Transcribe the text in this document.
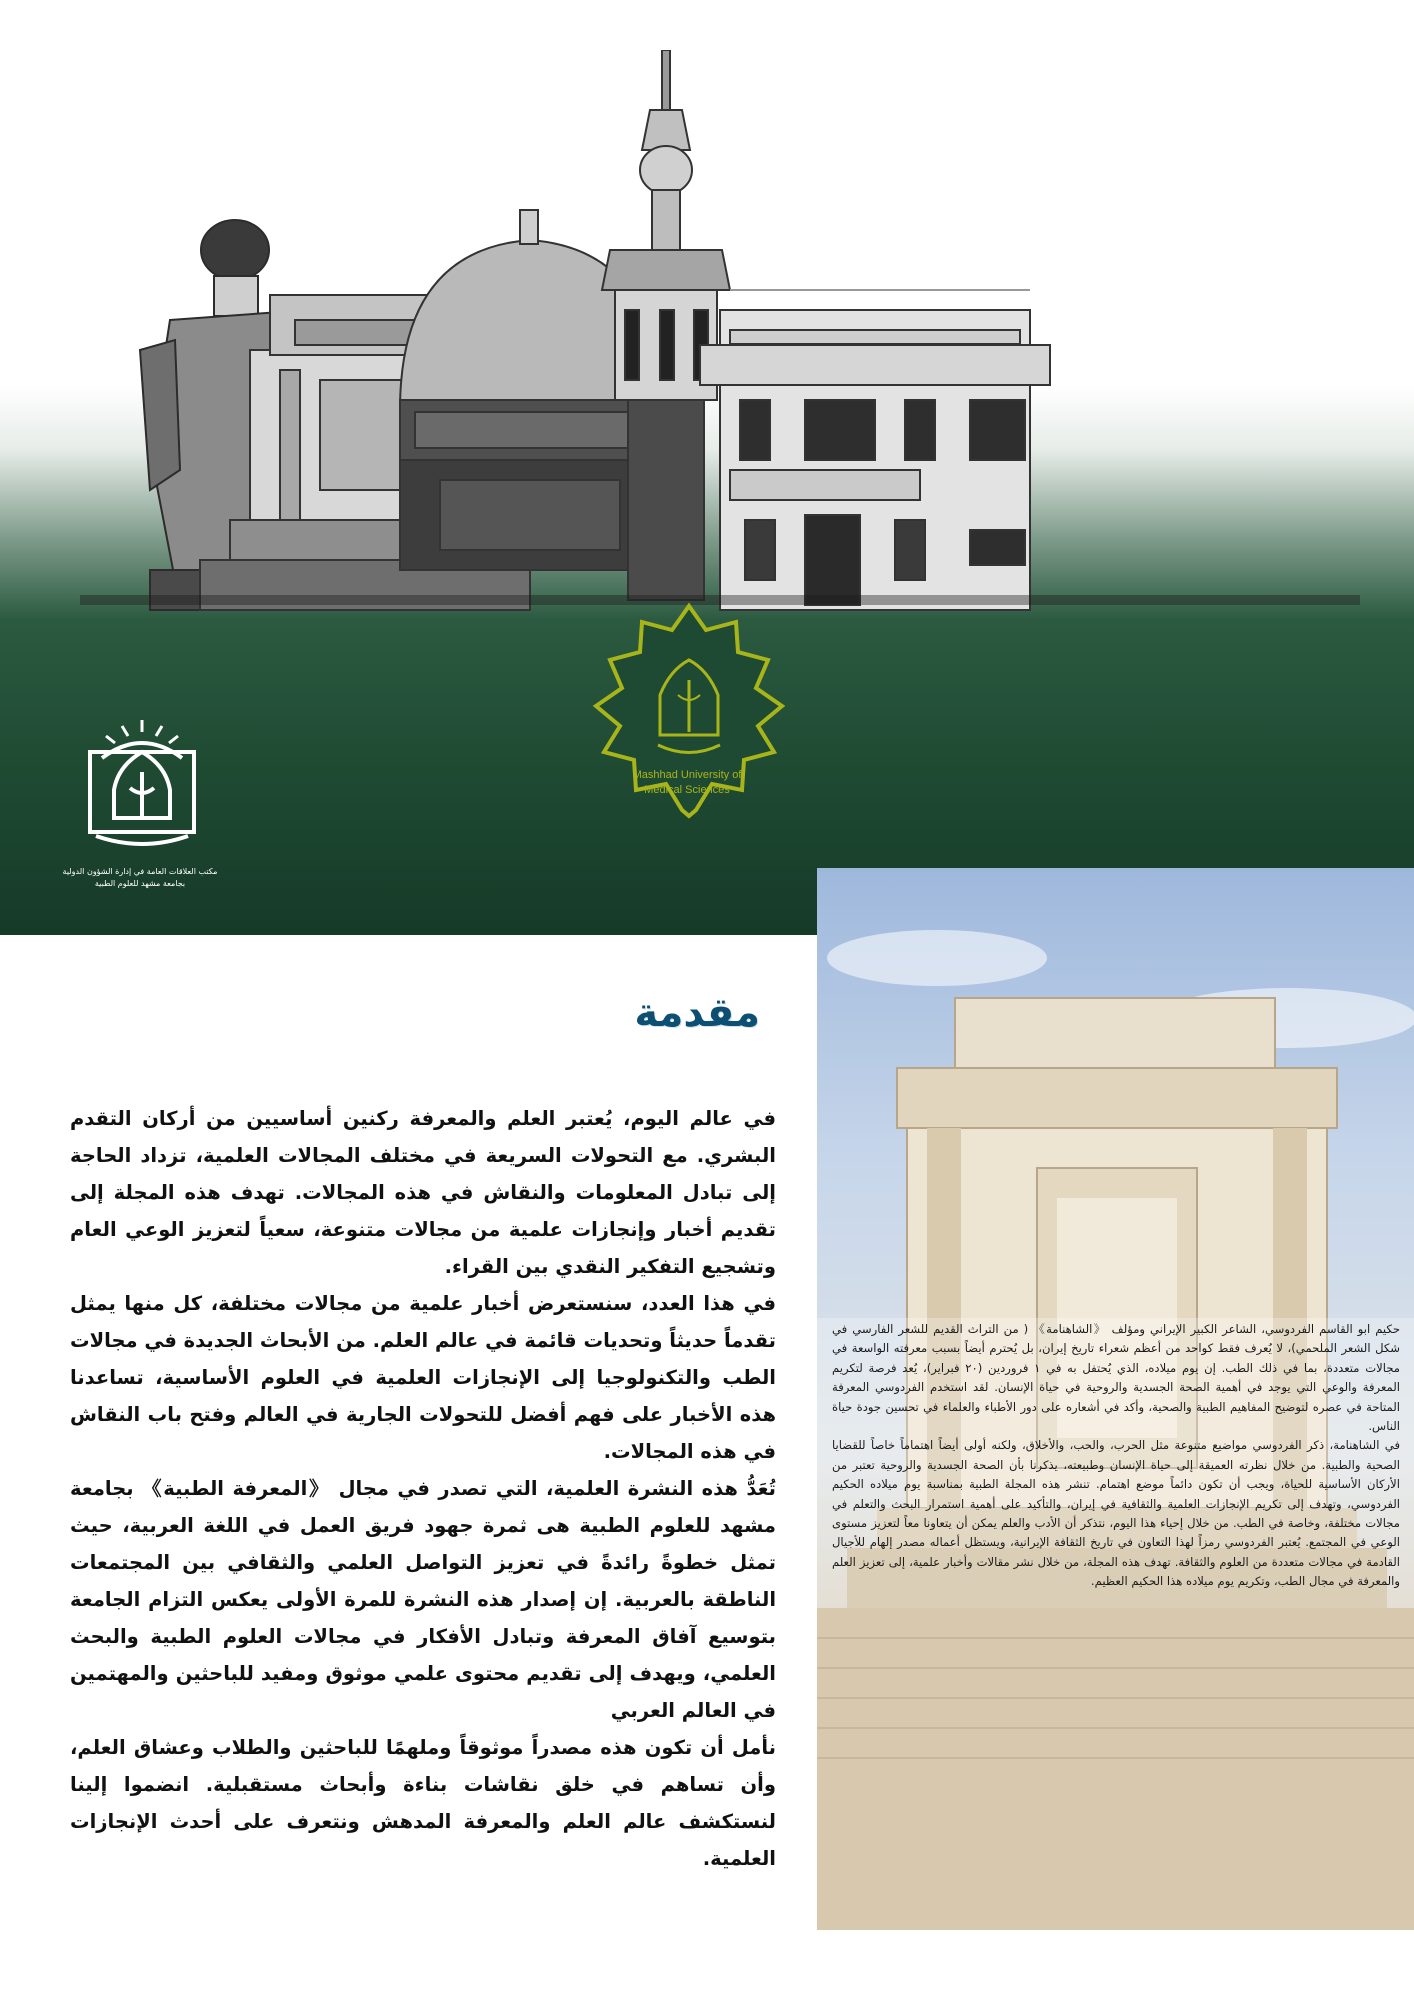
Mashhad University of
Medical Sciences
مكتب العلاقات العامة في إدارة الشؤون الدولية
بجامعة مشهد للعلوم الطبية

حكيم ابو القاسم الفردوسي، الشاعر الكبير الإيراني ومؤلف 《الشاهنامة》 ( من التراث القديم للشعر الفارسي في شكل الشعر الملحمي)، لا يُعرف فقط كواحد من أعظم شعراء تاريخ إيران، بل يُحترم أيضاً بسبب معرفته الواسعة في مجالات متعددة، بما في ذلك الطب. إن يوم ميلاده، الذي يُحتفل به في ١ فروردين (٢٠ فبراير)، يُعد فرصة لتكريم المعرفة والوعي التي يوجد في أهمية الصحة الجسدية والروحية في حياة الإنسان. لقد استخدم الفردوسي المعرفة المتاحة في عصره لتوضيح المفاهيم الطبية والصحية، وأكد في أشعاره على دور الأطباء والعلماء في تحسين جودة حياة الناس.

في الشاهنامة، ذكر الفردوسي مواضيع متنوعة مثل الحرب، والحب، والأخلاق، ولكنه أولى أيضاً اهتماماً خاصاً للقضايا الصحية والطبية. من خلال نظرته العميقة إلى حياة الإنسان وطبيعته، يذكرنا بأن الصحة الجسدية والروحية تعتبر من الأركان الأساسية للحياة، ويجب أن تكون دائماً موضع اهتمام. تنشر هذه المجلة الطبية بمناسبة يوم ميلاده الحكيم الفردوسي، وتهدف إلى تكريم الإنجازات العلمية والثقافية في إيران، والتأكيد على أهمية استمرار البحث والتعلم في مجالات مختلفة، وخاصة في الطب. من خلال إحياء هذا اليوم، نتذكر أن الأدب والعلم يمكن أن يتعاونا معاً لتعزيز مستوى الوعي في المجتمع. يُعتبر الفردوسي رمزاً لهذا التعاون في تاريخ الثقافة الإيرانية، ويستظل أعماله مصدر إلهام للأجيال القادمة في مجالات متعددة من العلوم والثقافة. تهدف هذه المجلة، من خلال نشر مقالات وأخبار علمية، إلى تعزيز العلم والمعرفة في مجال الطب، وتكريم يوم ميلاده هذا الحكيم العظيم.

مقدمة

في عالم اليوم، يُعتبر العلم والمعرفة ركنين أساسيين من أركان التقدم البشري. مع التحولات السريعة في مختلف المجالات العلمية، تزداد الحاجة إلى تبادل المعلومات والنقاش في هذه المجالات. تهدف هذه المجلة إلى تقديم أخبار وإنجازات علمية من مجالات متنوعة، سعياً لتعزيز الوعي العام وتشجيع التفكير النقدي بين القراء.

في هذا العدد، سنستعرض أخبار علمية من مجالات مختلفة، كل منها يمثل تقدماً حديثاً وتحديات قائمة في عالم العلم. من الأبحاث الجديدة في مجالات الطب والتكنولوجيا إلى الإنجازات العلمية في العلوم الأساسية، تساعدنا هذه الأخبار على فهم أفضل للتحولات الجارية في العالم وفتح باب النقاش في هذه المجالات.

تُعَدُّ هذه النشرة العلمية، التي تصدر في مجال 《المعرفة الطبية》 بجامعة مشهد للعلوم الطبية هى ثمرة جهود فريق العمل في اللغة العربية، حيث تمثل خطوةً رائدةً في تعزيز التواصل العلمي والثقافي بين المجتمعات الناطقة بالعربية. إن إصدار هذه النشرة للمرة الأولى يعكس التزام الجامعة بتوسيع آفاق المعرفة وتبادل الأفكار في مجالات العلوم الطبية والبحث العلمي، ويهدف إلى تقديم محتوى علمي موثوق ومفيد للباحثين والمهتمين في العالم العربي

نأمل أن تكون هذه مصدراً موثوقاً وملهمًا للباحثين والطلاب وعشاق العلم، وأن تساهم في خلق نقاشات بناءة وأبحاث مستقبلية. انضموا إلينا لنستكشف عالم العلم والمعرفة المدهش ونتعرف على أحدث الإنجازات العلمية.
